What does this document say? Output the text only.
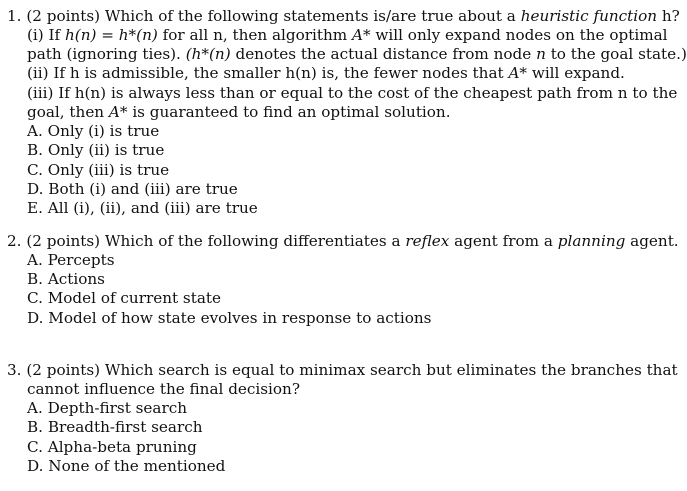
1. (2 points) Which of the following statements is/are true about a heuristic function h?
(i) If h(n) = h*(n) for all n, then algorithm A* will only expand nodes on the optimal
path (ignoring ties). (h*(n) denotes the actual distance from node n to the goal state.)
(ii) If h is admissible, the smaller h(n) is, the fewer nodes that A* will expand.
(iii) If h(n) is always less than or equal to the cost of the cheapest path from n to the
goal, then A* is guaranteed to find an optimal solution.
A. Only (i) is true
B. Only (ii) is true
C. Only (iii) is true
D. Both (i) and (iii) are true
E. All (i), (ii), and (iii) are true
2. (2 points) Which of the following differentiates a reflex agent from a planning agent.
A. Percepts
B. Actions
C. Model of current state
D. Model of how state evolves in response to actions
3. (2 points) Which search is equal to minimax search but eliminates the branches that
cannot influence the final decision?
A. Depth-first search
B. Breadth-first search
C. Alpha-beta pruning
D. None of the mentioned
